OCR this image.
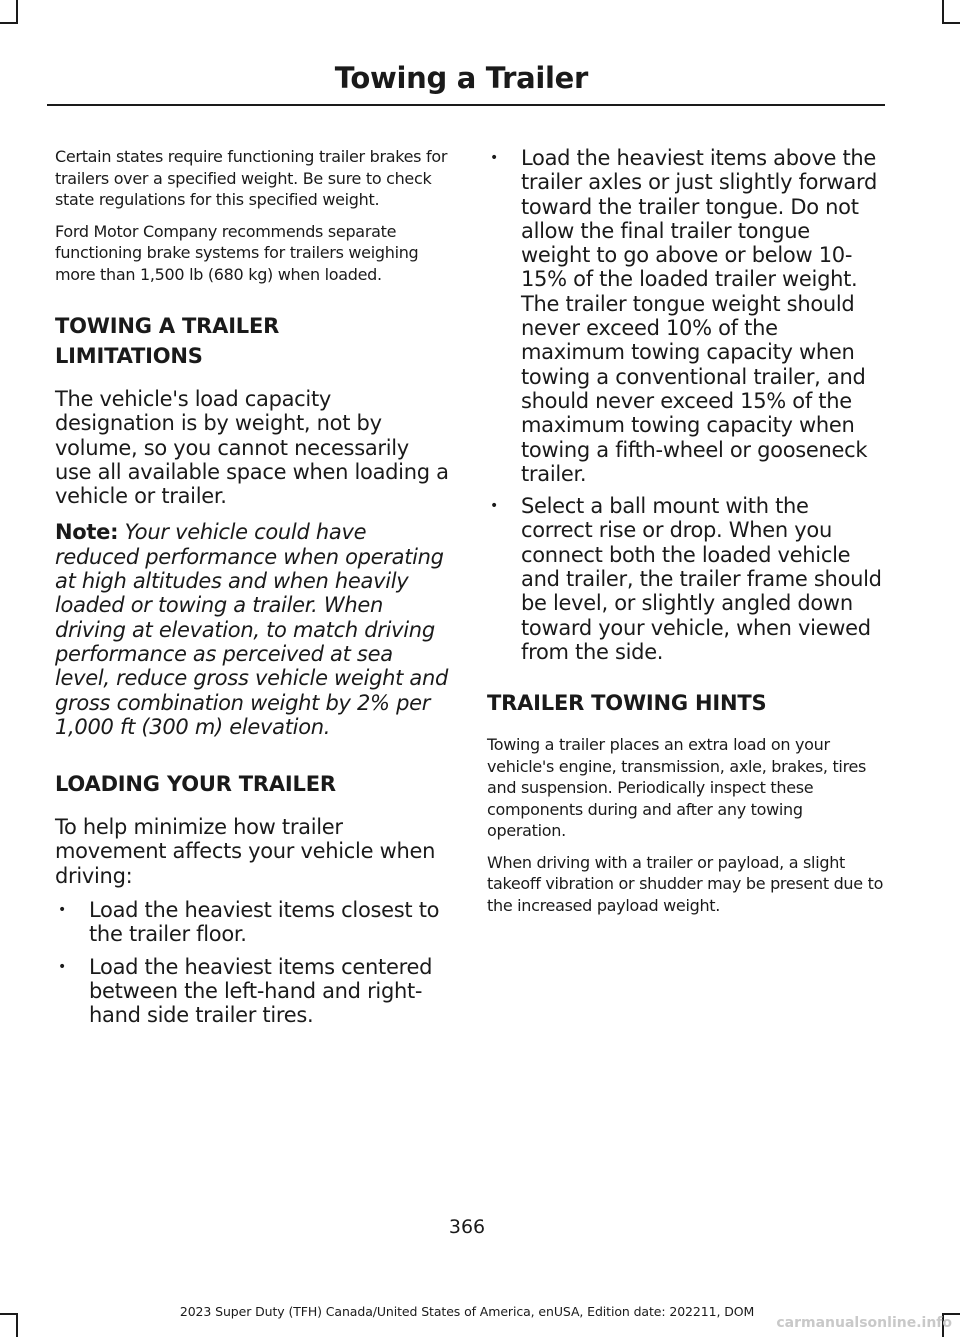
Towing a Trailer

Certain states require functioning trailer brakes for trailers over a specified weight. Be sure to check state regulations for this specified weight.

Ford Motor Company recommends separate functioning brake systems for trailers weighing more than 1,500 lb (680 kg) when loaded.

TOWING A TRAILER

LIMITATIONS

The vehicle's load capacity designation is by weight, not by volume, so you cannot necessarily use all available space when loading a vehicle or trailer.

Note: Your vehicle could have reduced performance when operating at high altitudes and when heavily loaded or towing a trailer. When driving at elevation, to match driving performance as perceived at sea level, reduce gross vehicle weight and gross combination weight by 2% per 1,000 ft (300 m) elevation.

LOADING YOUR TRAILER

To help minimize how trailer movement affects your vehicle when driving:

• Load the heaviest items closest to the trailer floor.
• Load the heaviest items centered between the left-hand and right-hand side trailer tires.
• Load the heaviest items above the trailer axles or just slightly forward toward the trailer tongue. Do not allow the final trailer tongue weight to go above or below 10-15% of the loaded trailer weight. The trailer tongue weight should never exceed 10% of the maximum towing capacity when towing a conventional trailer, and should never exceed 15% of the maximum towing capacity when towing a fifth-wheel or gooseneck trailer.
• Select a ball mount with the correct rise or drop. When you connect both the loaded vehicle and trailer, the trailer frame should be level, or slightly angled down toward your vehicle, when viewed from the side.

TRAILER TOWING HINTS

Towing a trailer places an extra load on your vehicle's engine, transmission, axle, brakes, tires and suspension. Periodically inspect these components during and after any towing operation.

When driving with a trailer or payload, a slight takeoff vibration or shudder may be present due to the increased payload weight.

366
2023 Super Duty (TFH) Canada/United States of America, enUSA, Edition date: 202211, DOM
carmanualsonline.info
